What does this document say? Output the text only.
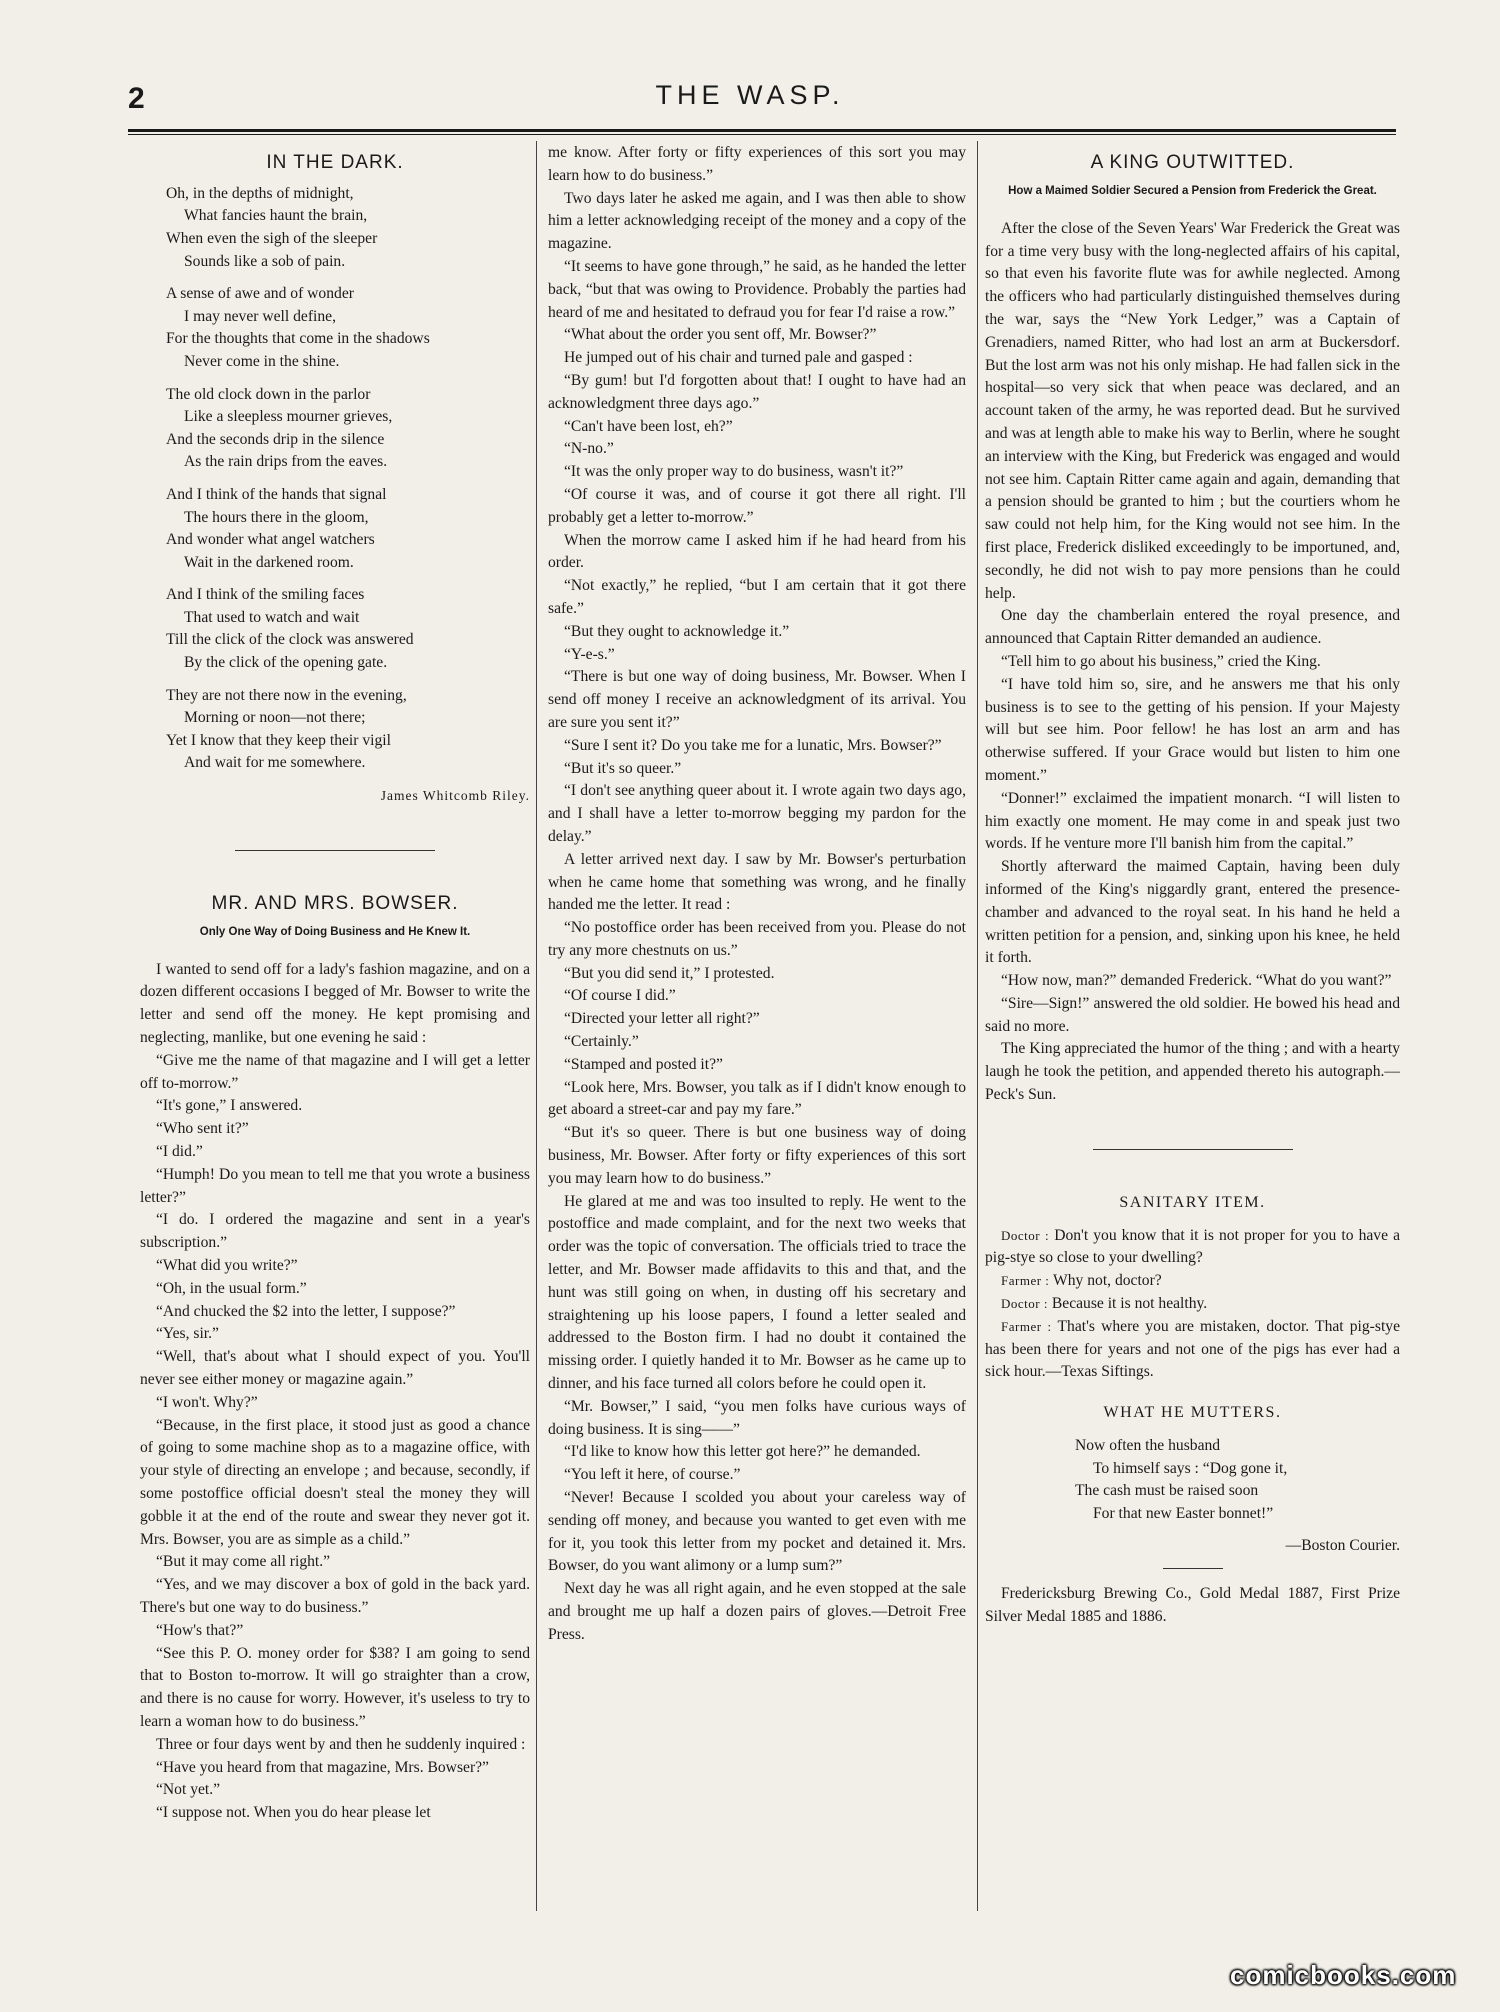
2	THE WASP.
IN THE DARK.
Oh, in the depths of midnight,
What fancies haunt the brain,
When even the sigh of the sleeper
Sounds like a sob of pain.
A sense of awe and of wonder
I may never well define,
For the thoughts that come in the shadows
Never come in the shine.
The old clock down in the parlor
Like a sleepless mourner grieves,
And the seconds drip in the silence
As the rain drips from the eaves.
And I think of the hands that signal
The hours there in the gloom,
And wonder what angel watchers
Wait in the darkened room.
And I think of the smiling faces
That used to watch and wait
Till the click of the clock was answered
By the click of the opening gate.
They are not there now in the evening,
Morning or noon—not there;
Yet I know that they keep their vigil
And wait for me somewhere.
James Whitcomb Riley.
MR. AND MRS. BOWSER.
Only One Way of Doing Business and He Knew It.

I wanted to send off for a lady's fashion magazine, and on a dozen different occasions I begged of Mr. Bowser to write the letter and send off the money. He kept promising and neglecting, manlike, but one evening he said :

“Give me the name of that magazine and I will get a letter off to-morrow.”

“It's gone,” I answered.

“Who sent it?”

“I did.”

“Humph! Do you mean to tell me that you wrote a business letter?”

“I do. I ordered the magazine and sent in a year's subscription.”

“What did you write?”

“Oh, in the usual form.”

“And chucked the $2 into the letter, I suppose?”

“Yes, sir.”

“Well, that's about what I should expect of you. You'll never see either money or magazine again.”

“I won't. Why?”

“Because, in the first place, it stood just as good a chance of going to some machine shop as to a magazine office, with your style of directing an envelope ; and because, secondly, if some postoffice official doesn't steal the money they will gobble it at the end of the route and swear they never got it. Mrs. Bowser, you are as simple as a child.”

“But it may come all right.”

“Yes, and we may discover a box of gold in the back yard. There's but one way to do business.”

“How's that?”

“See this P. O. money order for $38? I am going to send that to Boston to-morrow. It will go straighter than a crow, and there is no cause for worry. However, it's useless to try to learn a woman how to do business.”

Three or four days went by and then he suddenly inquired :

“Have you heard from that magazine, Mrs. Bowser?”

“Not yet.”

“I suppose not. When you do hear please let

me know. After forty or fifty experiences of this sort you may learn how to do business.”

Two days later he asked me again, and I was then able to show him a letter acknowledging receipt of the money and a copy of the magazine.

“It seems to have gone through,” he said, as he handed the letter back, “but that was owing to Providence. Probably the parties had heard of me and hesitated to defraud you for fear I'd raise a row.”

“What about the order you sent off, Mr. Bowser?”

He jumped out of his chair and turned pale and gasped :

“By gum! but I'd forgotten about that! I ought to have had an acknowledgment three days ago.”

“Can't have been lost, eh?”

“N-no.”

“It was the only proper way to do business, wasn't it?”

“Of course it was, and of course it got there all right. I'll probably get a letter to-morrow.”

When the morrow came I asked him if he had heard from his order.

“Not exactly,” he replied, “but I am certain that it got there safe.”

“But they ought to acknowledge it.”

“Y-e-s.”

“There is but one way of doing business, Mr. Bowser. When I send off money I receive an acknowledgment of its arrival. You are sure you sent it?”

“Sure I sent it? Do you take me for a lunatic, Mrs. Bowser?”

“But it's so queer.”

“I don't see anything queer about it. I wrote again two days ago, and I shall have a letter to-morrow begging my pardon for the delay.”

A letter arrived next day. I saw by Mr. Bowser's perturbation when he came home that something was wrong, and he finally handed me the letter. It read :

“No postoffice order has been received from you. Please do not try any more chestnuts on us.”

“But you did send it,” I protested.

“Of course I did.”

“Directed your letter all right?”

“Certainly.”

“Stamped and posted it?”

“Look here, Mrs. Bowser, you talk as if I didn't know enough to get aboard a street-car and pay my fare.”

“But it's so queer. There is but one business way of doing business, Mr. Bowser. After forty or fifty experiences of this sort you may learn how to do business.”

He glared at me and was too insulted to reply. He went to the postoffice and made complaint, and for the next two weeks that order was the topic of conversation. The officials tried to trace the letter, and Mr. Bowser made affidavits to this and that, and the hunt was still going on when, in dusting off his secretary and straightening up his loose papers, I found a letter sealed and addressed to the Boston firm. I had no doubt it contained the missing order. I quietly handed it to Mr. Bowser as he came up to dinner, and his face turned all colors before he could open it.

“Mr. Bowser,” I said, “you men folks have curious ways of doing business. It is sing——”

“I'd like to know how this letter got here?” he demanded.

“You left it here, of course.”

“Never! Because I scolded you about your careless way of sending off money, and because you wanted to get even with me for it, you took this letter from my pocket and detained it. Mrs. Bowser, do you want alimony or a lump sum?”

Next day he was all right again, and he even stopped at the sale and brought me up half a dozen pairs of gloves.—Detroit Free Press.

A KING OUTWITTED.
How a Maimed Soldier Secured a Pension from Frederick the Great.

After the close of the Seven Years' War Frederick the Great was for a time very busy with the long-neglected affairs of his capital, so that even his favorite flute was for awhile neglected. Among the officers who had particularly distinguished themselves during the war, says the “New York Ledger,” was a Captain of Grenadiers, named Ritter, who had lost an arm at Buckersdorf. But the lost arm was not his only mishap. He had fallen sick in the hospital—so very sick that when peace was declared, and an account taken of the army, he was reported dead. But he survived and was at length able to make his way to Berlin, where he sought an interview with the King, but Frederick was engaged and would not see him. Captain Ritter came again and again, demanding that a pension should be granted to him ; but the courtiers whom he saw could not help him, for the King would not see him. In the first place, Frederick disliked exceedingly to be importuned, and, secondly, he did not wish to pay more pensions than he could help.

One day the chamberlain entered the royal presence, and announced that Captain Ritter demanded an audience.

“Tell him to go about his business,” cried the King.

“I have told him so, sire, and he answers me that his only business is to see to the getting of his pension. If your Majesty will but see him. Poor fellow! he has lost an arm and has otherwise suffered. If your Grace would but listen to him one moment.”

“Donner!” exclaimed the impatient monarch. “I will listen to him exactly one moment. He may come in and speak just two words. If he venture more I'll banish him from the capital.”

Shortly afterward the maimed Captain, having been duly informed of the King's niggardly grant, entered the presence-chamber and advanced to the royal seat. In his hand he held a written petition for a pension, and, sinking upon his knee, he held it forth.

“How now, man?” demanded Frederick. “What do you want?”

“Sire—Sign!” answered the old soldier. He bowed his head and said no more.

The King appreciated the humor of the thing ; and with a hearty laugh he took the petition, and appended thereto his autograph.—Peck's Sun.

SANITARY ITEM.

Doctor : Don't you know that it is not proper for you to have a pig-stye so close to your dwelling?

Farmer : Why not, doctor?

Doctor : Because it is not healthy.

Farmer : That's where you are mistaken, doctor. That pig-stye has been there for years and not one of the pigs has ever had a sick hour.—Texas Siftings.

WHAT HE MUTTERS.
Now often the husband
To himself says : “Dog gone it,
The cash must be raised soon
For that new Easter bonnet!”
—Boston Courier.

Fredericksburg Brewing Co., Gold Medal 1887, First Prize Silver Medal 1885 and 1886.

comicbooks.com
